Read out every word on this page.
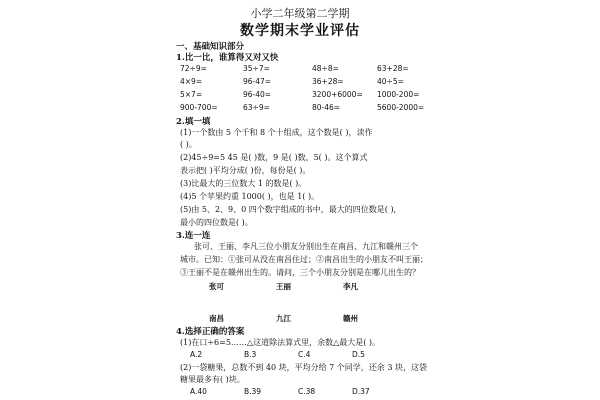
小学二年级第二学期
数学期末学业评估
一、基础知识部分
1.比一比，谁算得又对又快
72÷9=	35÷7=	48÷8=	63+28=
4×9=	96-47=	36+28=	40÷5=
5×7=	96-40=	3200+6000= 1000-200=
900-700=	63÷9=	80-46=	5600-2000=
2.填一填
(1)一个数由 5 个千和 8 个十组成，这个数是( )，读作
( )。
(2)45÷9=5 45 是( )数，9 是( )数，5( )。这个算式
表示把( )平均分成( )份，每份是( )。
(3)比最大的三位数大 1 的数是( )。
(4)5 个苹果约重 1000( )，也是 1( )。
(5)由 5、2、9、0 四个数字组成的书中，最大的四位数是( )，
最小的四位数是( )。
3.连一连
张可、王丽、李凡三位小朋友分别出生在南昌、九江和赣州三个
城市。已知：①张可从没在南昌住过；②南昌出生的小朋友不叫王丽；
③王丽不是在赣州出生的。请问，三个小朋友分别是在哪儿出生的？
张可	王丽	李凡
南昌	九江	赣州
4.选择正确的答案
(1)在口÷6=5……△这道除法算式里，余数△最大是( )。
A.2	B.3	C.4	D.5
(2)一袋糖果，总数不到 40 块，平均分给 7 个同学，还余 3 块，这袋
糖果最多有( )块。
A.40	B.39	C.38	D.37
